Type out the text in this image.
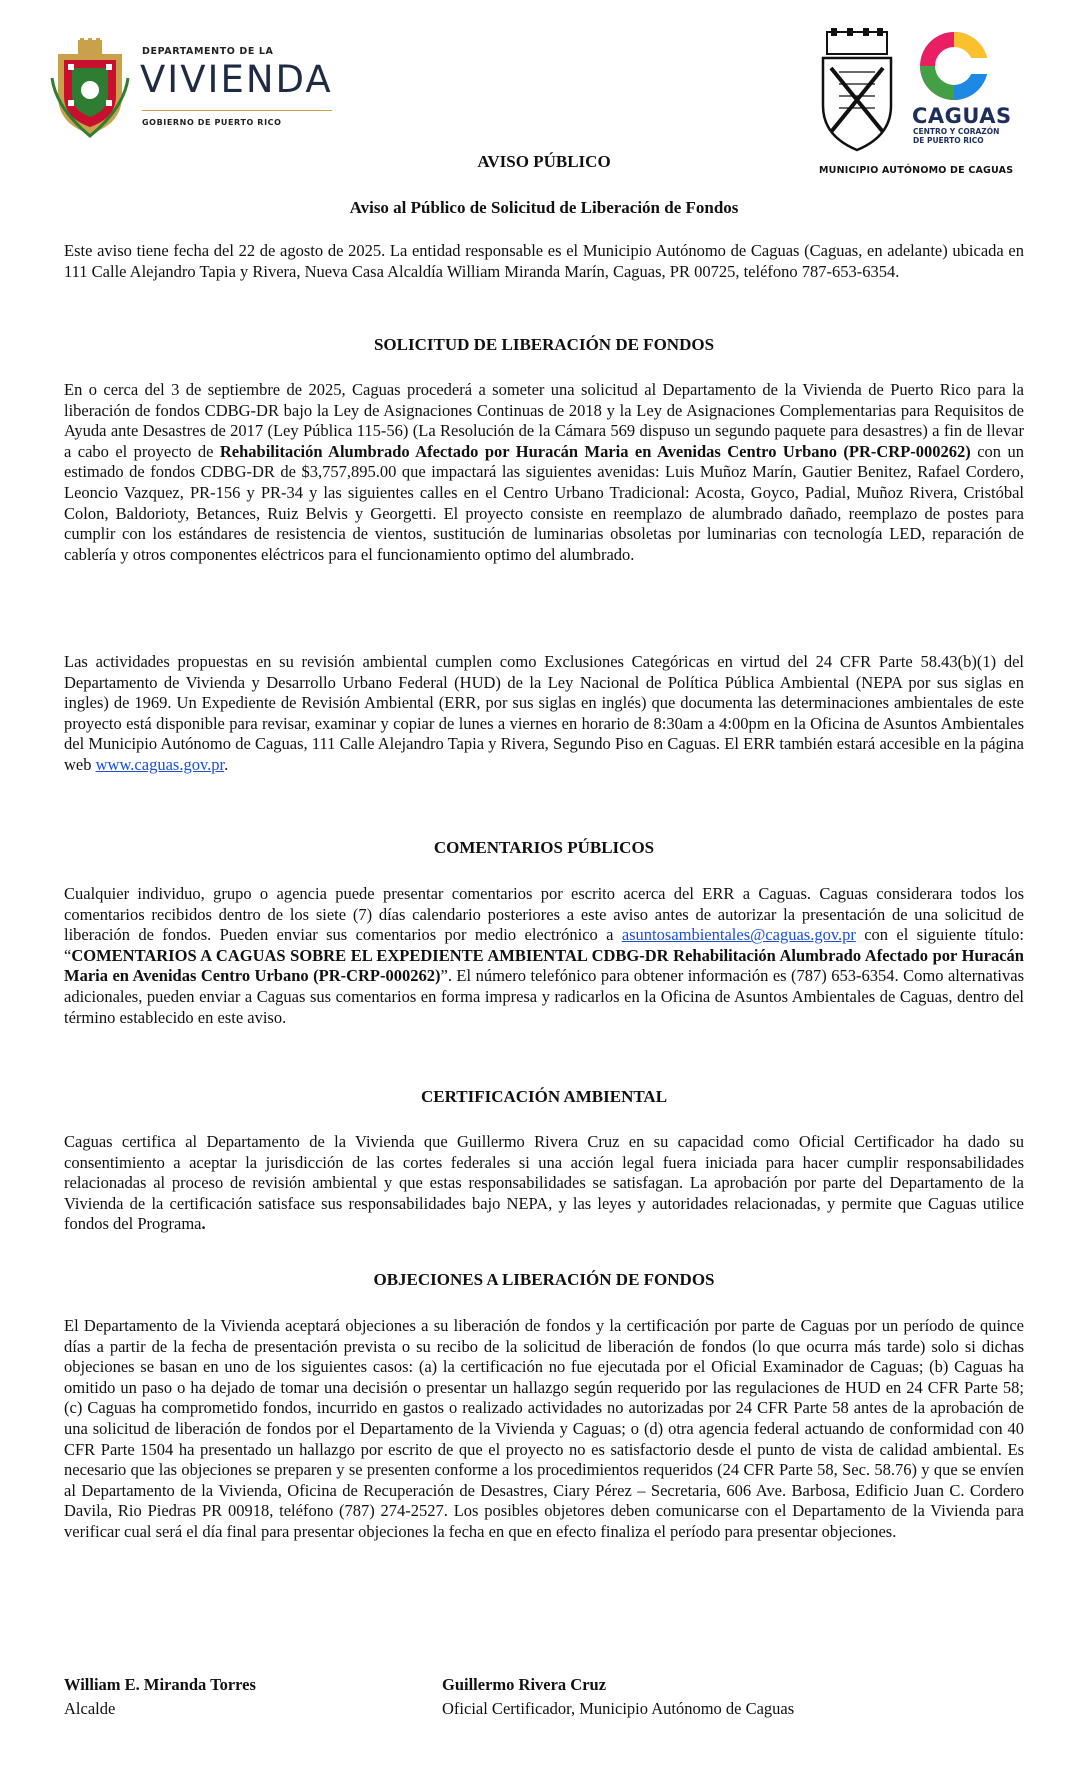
DEPARTAMENTO DE LA
VIVIENDA
GOBIERNO DE PUERTO RICO	CAGUAS
CENTRO Y CORAZÓN DE PUERTO RICO
MUNICIPIO AUTÓNOMO DE CAGUAS
AVISO PÚBLICO
Aviso al Público de Solicitud de Liberación de Fondos

Este aviso tiene fecha del 22 de agosto de 2025. La entidad responsable es el Municipio Autónomo de Caguas (Caguas, en adelante) ubicada en 111 Calle Alejandro Tapia y Rivera, Nueva Casa Alcaldía William Miranda Marín, Caguas, PR 00725, teléfono 787-653-6354.

SOLICITUD DE LIBERACIÓN DE FONDOS

En o cerca del 3 de septiembre de 2025, Caguas procederá a someter una solicitud al Departamento de la Vivienda de Puerto Rico para la liberación de fondos CDBG-DR bajo la Ley de Asignaciones Continuas de 2018 y la Ley de Asignaciones Complementarias para Requisitos de Ayuda ante Desastres de 2017 (Ley Pública 115-56) (La Resolución de la Cámara 569 dispuso un segundo paquete para desastres) a fin de llevar a cabo el proyecto de Rehabilitación Alumbrado Afectado por Huracán Maria en Avenidas Centro Urbano (PR-CRP-000262) con un estimado de fondos CDBG-DR de $3,757,895.00 que impactará las siguientes avenidas: Luis Muñoz Marín, Gautier Benitez, Rafael Cordero, Leoncio Vazquez, PR-156 y PR-34 y las siguientes calles en el Centro Urbano Tradicional: Acosta, Goyco, Padial, Muñoz Rivera, Cristóbal Colon, Baldorioty, Betances, Ruiz Belvis y Georgetti. El proyecto consiste en reemplazo de alumbrado dañado, reemplazo de postes para cumplir con los estándares de resistencia de vientos, sustitución de luminarias obsoletas por luminarias con tecnología LED, reparación de cablería y otros componentes eléctricos para el funcionamiento optimo del alumbrado.

Las actividades propuestas en su revisión ambiental cumplen como Exclusiones Categóricas en virtud del 24 CFR Parte 58.43(b)(1) del Departamento de Vivienda y Desarrollo Urbano Federal (HUD) de la Ley Nacional de Política Pública Ambiental (NEPA por sus siglas en ingles) de 1969. Un Expediente de Revisión Ambiental (ERR, por sus siglas en inglés) que documenta las determinaciones ambientales de este proyecto está disponible para revisar, examinar y copiar de lunes a viernes en horario de 8:30am a 4:00pm en la Oficina de Asuntos Ambientales del Municipio Autónomo de Caguas, 111 Calle Alejandro Tapia y Rivera, Segundo Piso en Caguas. El ERR también estará accesible en la página web www.caguas.gov.pr.

COMENTARIOS PÚBLICOS

Cualquier individuo, grupo o agencia puede presentar comentarios por escrito acerca del ERR a Caguas. Caguas considerara todos los comentarios recibidos dentro de los siete (7) días calendario posteriores a este aviso antes de autorizar la presentación de una solicitud de liberación de fondos. Pueden enviar sus comentarios por medio electrónico a asuntosambientales@caguas.gov.pr con el siguiente título: “COMENTARIOS A CAGUAS SOBRE EL EXPEDIENTE AMBIENTAL CDBG-DR Rehabilitación Alumbrado Afectado por Huracán Maria en Avenidas Centro Urbano (PR-CRP-000262)”. El número telefónico para obtener información es (787) 653-6354. Como alternativas adicionales, pueden enviar a Caguas sus comentarios en forma impresa y radicarlos en la Oficina de Asuntos Ambientales de Caguas, dentro del término establecido en este aviso.

CERTIFICACIÓN AMBIENTAL

Caguas certifica al Departamento de la Vivienda que Guillermo Rivera Cruz en su capacidad como Oficial Certificador ha dado su consentimiento a aceptar la jurisdicción de las cortes federales si una acción legal fuera iniciada para hacer cumplir responsabilidades relacionadas al proceso de revisión ambiental y que estas responsabilidades se satisfagan. La aprobación por parte del Departamento de la Vivienda de la certificación satisface sus responsabilidades bajo NEPA, y las leyes y autoridades relacionadas, y permite que Caguas utilice fondos del Programa.

OBJECIONES A LIBERACIÓN DE FONDOS

El Departamento de la Vivienda aceptará objeciones a su liberación de fondos y la certificación por parte de Caguas por un período de quince días a partir de la fecha de presentación prevista o su recibo de la solicitud de liberación de fondos (lo que ocurra más tarde) solo si dichas objeciones se basan en uno de los siguientes casos: (a) la certificación no fue ejecutada por el Oficial Examinador de Caguas; (b) Caguas ha omitido un paso o ha dejado de tomar una decisión o presentar un hallazgo según requerido por las regulaciones de HUD en 24 CFR Parte 58; (c) Caguas ha comprometido fondos, incurrido en gastos o realizado actividades no autorizadas por 24 CFR Parte 58 antes de la aprobación de una solicitud de liberación de fondos por el Departamento de la Vivienda y Caguas; o (d) otra agencia federal actuando de conformidad con 40 CFR Parte 1504 ha presentado un hallazgo por escrito de que el proyecto no es satisfactorio desde el punto de vista de calidad ambiental. Es necesario que las objeciones se preparen y se presenten conforme a los procedimientos requeridos (24 CFR Parte 58, Sec. 58.76) y que se envíen al Departamento de la Vivienda, Oficina de Recuperación de Desastres, Ciary Pérez – Secretaria, 606 Ave. Barbosa, Edificio Juan C. Cordero Davila, Rio Piedras PR 00918, teléfono (787) 274-2527. Los posibles objetores deben comunicarse con el Departamento de la Vivienda para verificar cual será el día final para presentar objeciones la fecha en que en efecto finaliza el período para presentar objeciones.

William E. Miranda Torres
Alcalde
Guillermo Rivera Cruz
Oficial Certificador, Municipio Autónomo de Caguas
